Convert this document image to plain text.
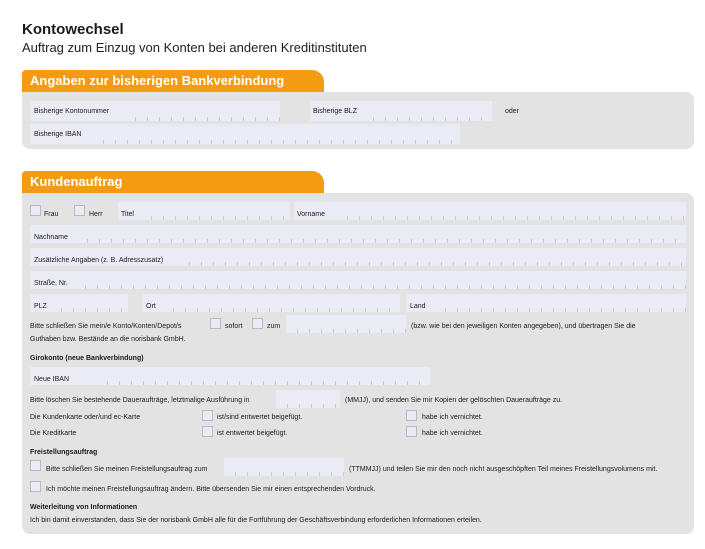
Kontowechsel
Auftrag zum Einzug von Konten bei anderen Kreditinstituten
Angaben zur bisherigen Bankverbindung
Bisherige Kontonummer	Bisherige BLZ	oder
Bisherige IBAN
Kundenauftrag
Frau	Herr	Titel	Vorname
Nachname
Zusätzliche Angaben (z. B. Adresszusatz)
Straße, Nr.
PLZ	Ort	Land
Bitte schließen Sie mein/e Konto/Konten/Depot/s	sofort	zum	(bzw. wie bei den jeweiligen Konten angegeben), und übertragen Sie die
Guthaben bzw. Bestände an die norisbank GmbH.
Girokonto (neue Bankverbindung)
Neue IBAN
Bitte löschen Sie bestehende Daueraufträge, letztmalige Ausführung in	(MMJJ), und senden Sie mir Kopien der gelöschten Daueraufträge zu.
Die Kundenkarte oder/und ec-Karte	ist/sind entwertet beigefügt.	habe ich vernichtet.
Die Kreditkarte	ist entwertet beigefügt.	habe ich vernichtet.
Freistellungsauftrag
Bitte schließen Sie meinen Freistellungsauftrag zum	(TTMMJJ) und teilen Sie mir den noch nicht ausgeschöpften Teil meines Freistellungsvolumens mit.
Ich möchte meinen Freistellungsauftrag ändern. Bitte übersenden Sie mir einen entsprechenden Vordruck.
Weiterleitung von Informationen
Ich bin damit einverstanden, dass Sie der norisbank GmbH alle für die Fortführung der Geschäftsverbindung erforderlichen Informationen erteilen.
